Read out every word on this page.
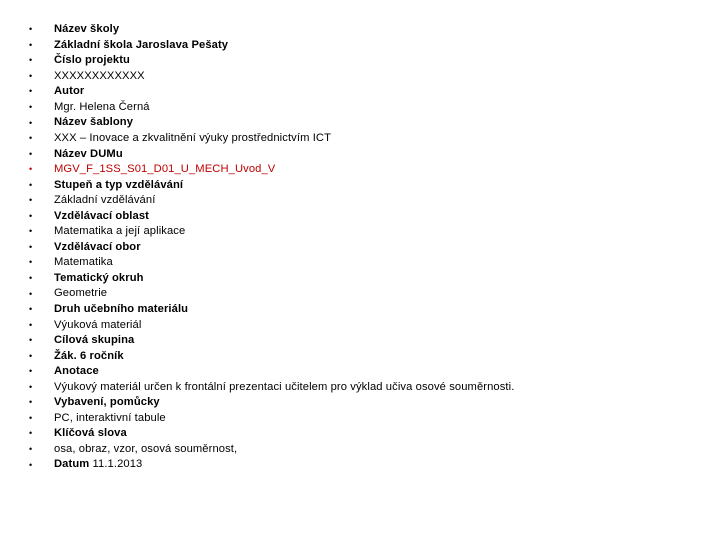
•	Název školy
•	Základní škola Jaroslava Pešaty
•	Číslo projektu
•	XXXXXXXXXXXX
•	Autor
•	Mgr. Helena Černá
•	Název šablony
•	XXX – Inovace a zkvalitnění výuky prostřednictvím ICT
•	Název DUMu
•	MGV_F_1SS_S01_D01_U_MECH_Uvod_V
•	Stupeň a typ vzdělávání
•	Základní vzdělávání
•	Vzdělávací oblast
•	Matematika a její aplikace
•	Vzdělávací obor
•	Matematika
•	Tematický okruh
•	Geometrie
•	Druh učebního materiálu
•	Výuková materiál
•	Cílová skupina
•	Žák. 6 ročník
•	Anotace
•	Výukový materiál určen k frontální prezentaci učitelem pro výklad učiva osové souměrnosti.
•	Vybavení, pomůcky
•	PC, interaktivní tabule
•	Klíčová slova
•	osa, obraz, vzor, osová souměrnost,
•	Datum 11.1.2013
